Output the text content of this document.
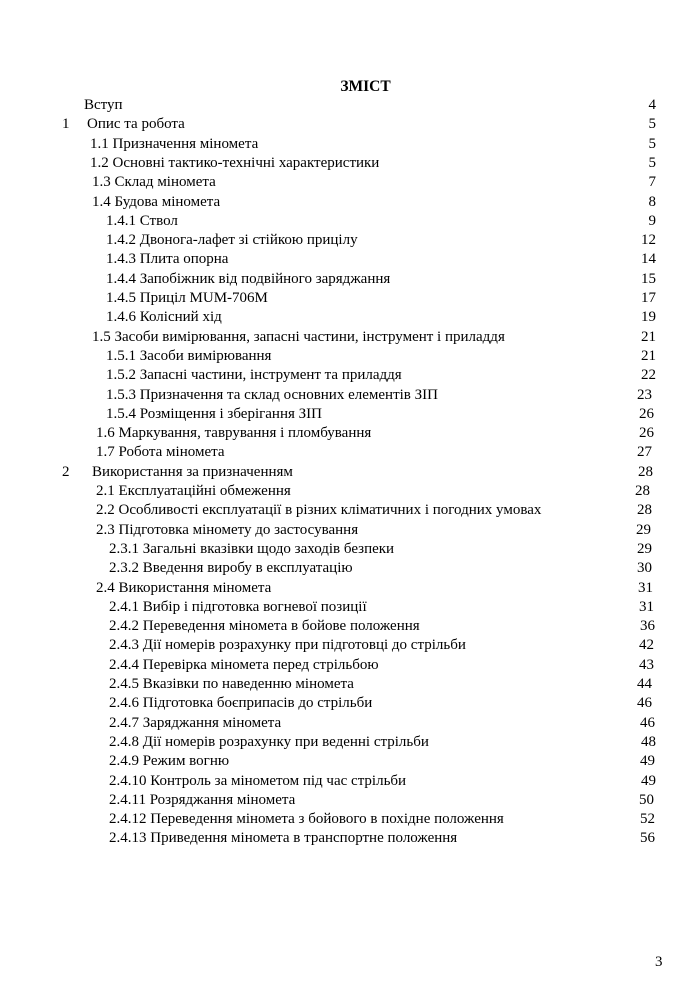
ЗМІСТ
Вступ	4
1 Опис та робота	5
1.1 Призначення міномета	5
1.2 Основні тактико-технічні характеристики	5
1.3 Склад міномета	7
1.4 Будова міномета	8
1.4.1 Ствол	9
1.4.2 Двонога-лафет зі стійкою прицілу	12
1.4.3 Плита опорна	14
1.4.4 Запобіжник від подвійного заряджання	15
1.4.5 Приціл MUM-706M	17
1.4.6 Колісний хід	19
1.5 Засоби вимірювання, запасні частини, інструмент і приладдя	21
1.5.1 Засоби вимірювання	21
1.5.2 Запасні частини, інструмент та приладдя	22
1.5.3 Призначення та склад основних елементів ЗІП	23
1.5.4 Розміщення і зберігання ЗІП	26
1.6 Маркування, таврування і пломбування	26
1.7 Робота міномета	27
2 Використання за призначенням	28
2.1 Експлуатаційні обмеження	28
2.2 Особливості експлуатації в різних кліматичних і погодних умовах	28
2.3 Підготовка міномету до застосування	29
2.3.1 Загальні вказівки щодо заходів безпеки	29
2.3.2 Введення виробу в експлуатацію	30
2.4 Використання міномета	31
2.4.1 Вибір і підготовка вогневої позиції	31
2.4.2 Переведення міномета в бойове положення	36
2.4.3 Дії номерів розрахунку при підготовці до стрільби	42
2.4.4 Перевірка міномета перед стрільбою	43
2.4.5 Вказівки по наведенню міномета	44
2.4.6 Підготовка боєприпасів до стрільби	46
2.4.7 Заряджання міномета	46
2.4.8 Дії номерів розрахунку при веденні стрільби	48
2.4.9 Режим вогню	49
2.4.10 Контроль за мінометом під час стрільби	49
2.4.11 Розряджання міномета	50
2.4.12 Переведення міномета з бойового в похідне положення	52
2.4.13 Приведення міномета в транспортне положення	56
3
